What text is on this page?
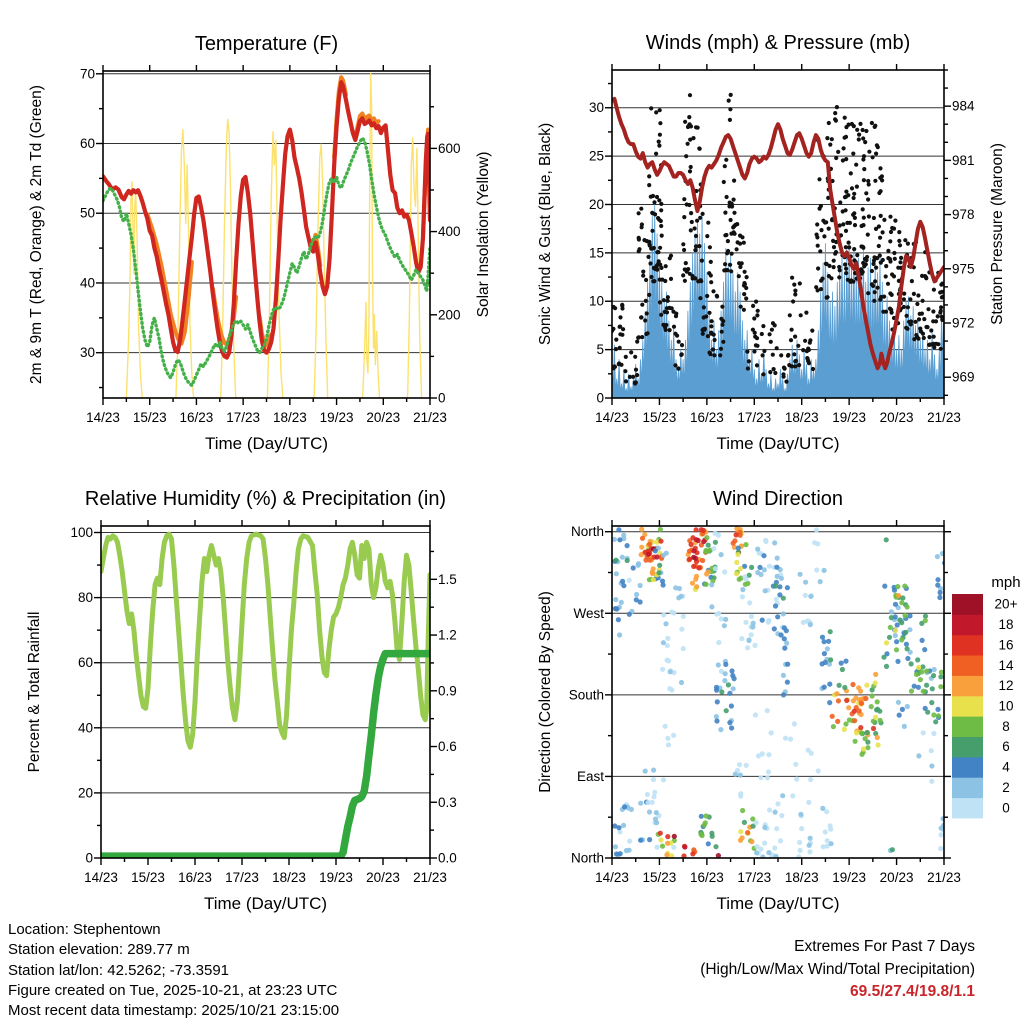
Temperature (F)
14/23 15/23 16/23 17/23 18/23 19/23 20/23 21/23
Time (Day/UTC)
30
40
50
60
70
2m & 9m T (Red, Orange) & 2m Td (Green)
0
200
400
600
Solar Insolation (Yellow)
Winds (mph) & Pressure (mb)
14/23 15/23 16/23 17/23 18/23 19/23 20/23 21/23
Time (Day/UTC)
0
5
10
15
20
25
30
Sonic Wind & Gust (Blue, Black)
969
972
975
978
981
984
Station Pressure (Maroon)
Relative Humidity (%) & Precipitation (in)
14/23 15/23 16/23 17/23 18/23 19/23 20/23 21/23
Time (Day/UTC)
0
20
40
60
80
100
Percent & Total Rainfall
0.0
0.3
0.6
0.9
1.2
1.5
Wind Direction
14/23 15/23 16/23 17/23 18/23 19/23 20/23 21/23
Time (Day/UTC)
North
East
South
West
North
Direction (Colored By Speed)
0
2
4
6
8
10
12
14
16
18
20+
mph
Location: Stephentown
Station elevation: 289.77 m
Station lat/lon: 42.5262; -73.3591
Figure created on Tue, 2025-10-21, at 23:23 UTC
Most recent data timestamp: 2025/10/21 23:15:00
Extremes For Past 7 Days
(High/Low/Max Wind/Total Precipitation)
69.5/27.4/19.8/1.1
